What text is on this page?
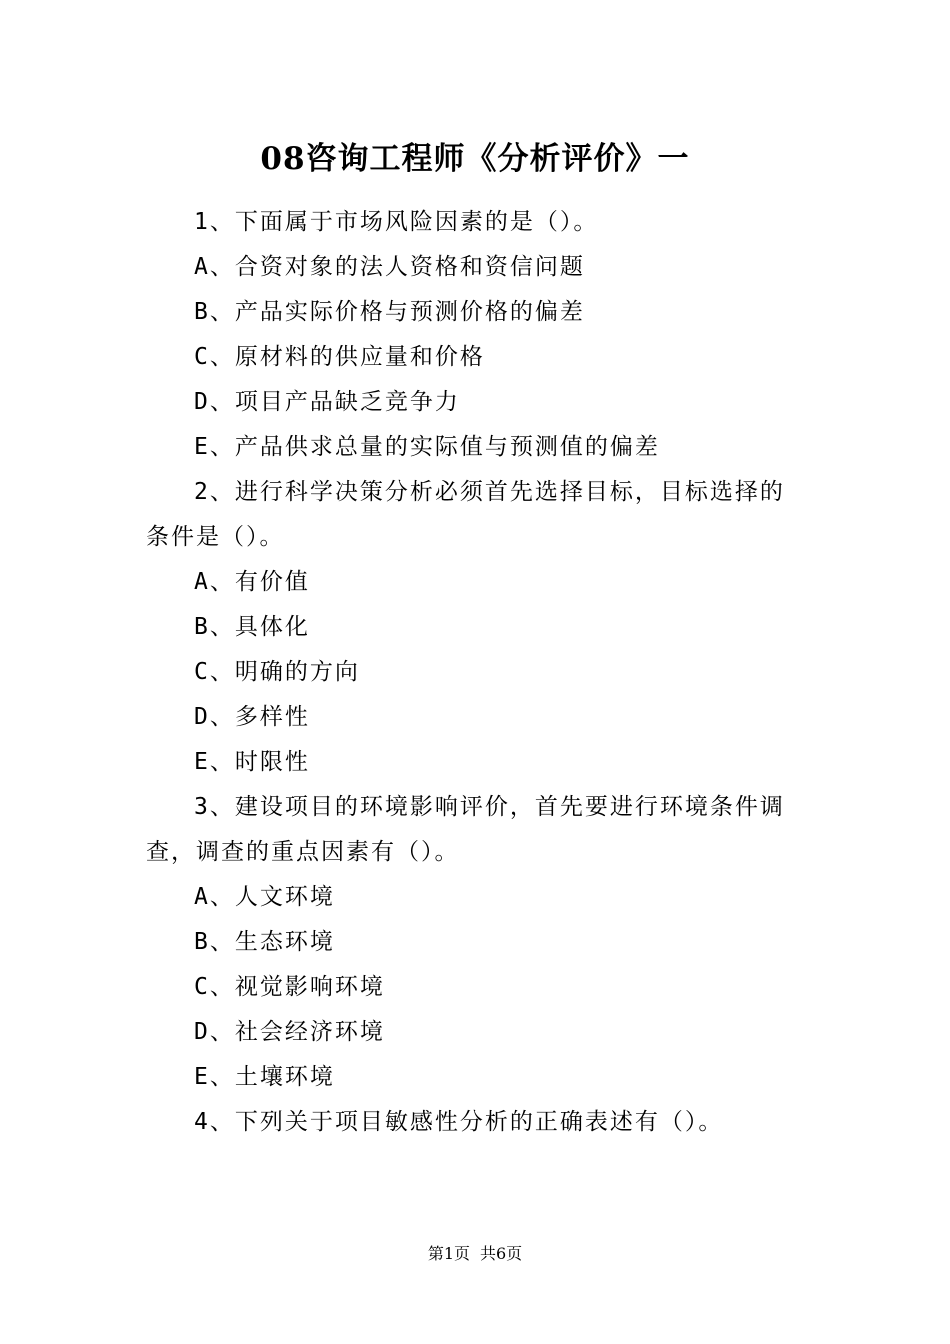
08咨询工程师《分析评价》一

1、下面属于市场风险因素的是（）。

A、合资对象的法人资格和资信问题

B、产品实际价格与预测价格的偏差

C、原材料的供应量和价格

D、项目产品缺乏竞争力

E、产品供求总量的实际值与预测值的偏差

2、进行科学决策分析必须首先选择目标，目标选择的

条件是（）。

A、有价值

B、具体化

C、明确的方向

D、多样性

E、时限性

3、建设项目的环境影响评价，首先要进行环境条件调

查，调查的重点因素有（）。

A、人文环境

B、生态环境

C、视觉影响环境

D、社会经济环境

E、土壤环境

4、下列关于项目敏感性分析的正确表述有（）。

第1页 共6页
